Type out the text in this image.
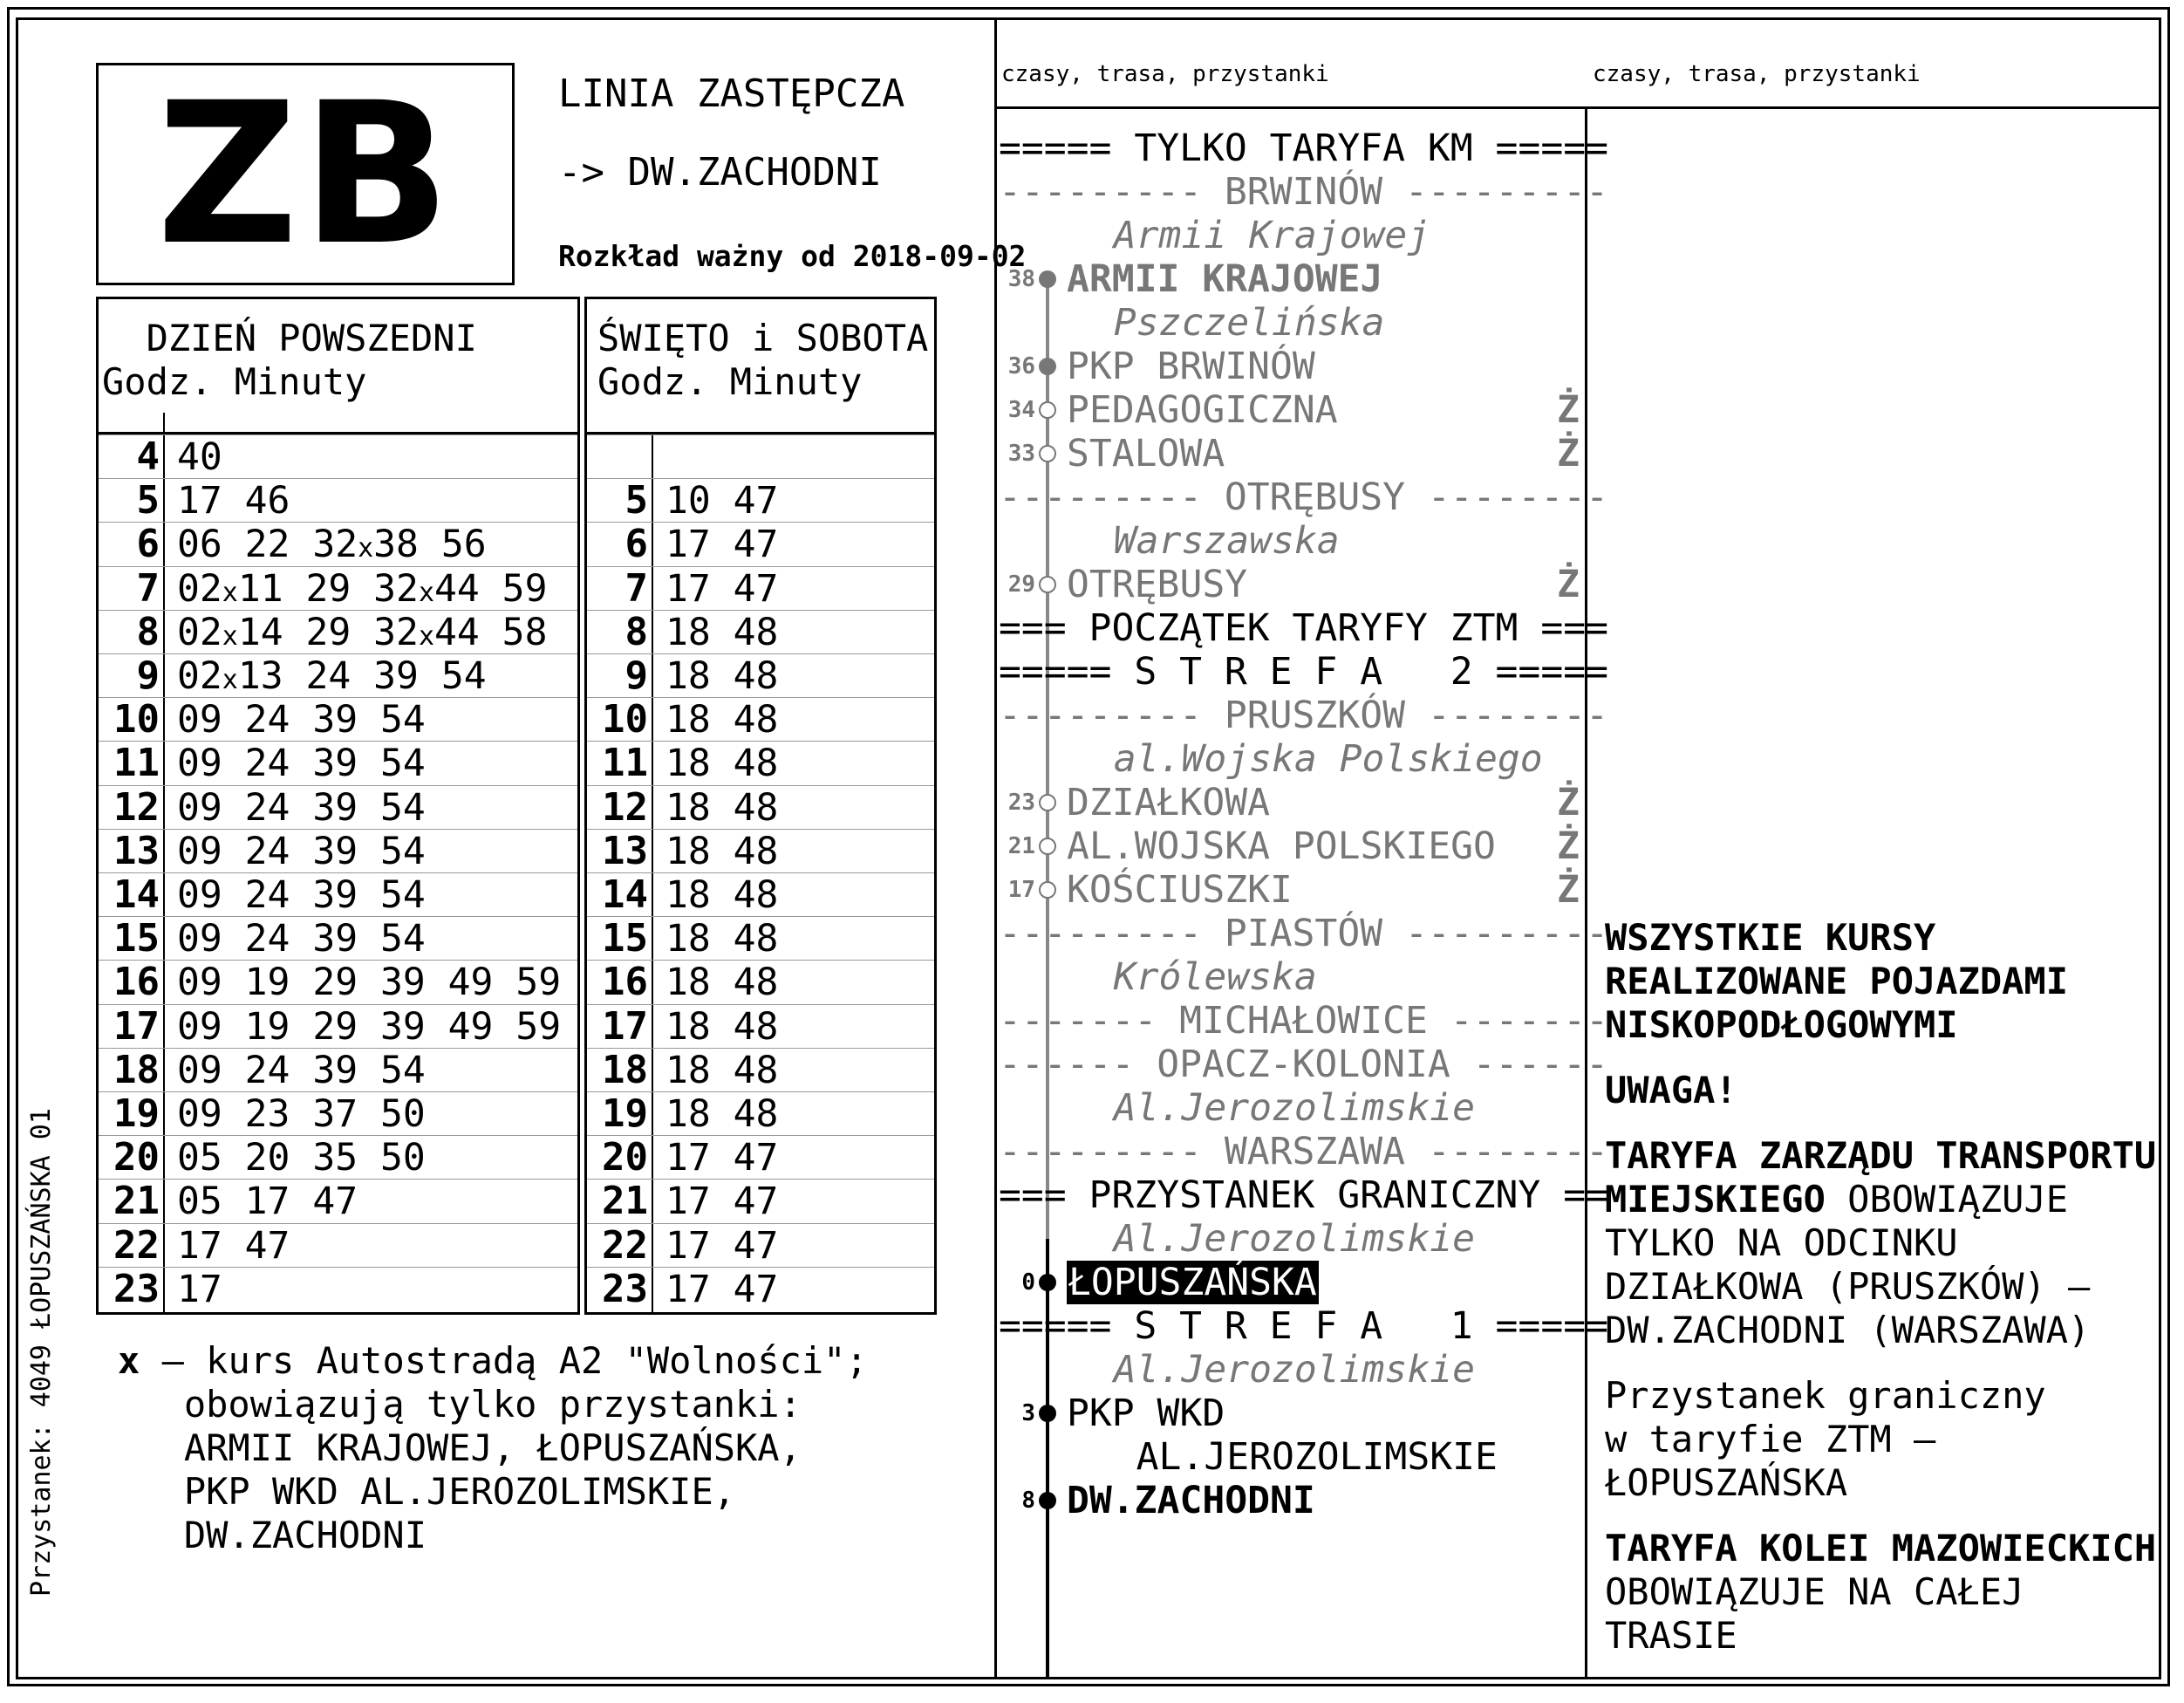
ZB	LINIA ZASTĘPCZA
-> DW.ZACHODNI
Rozkład ważny od 2018-09-02
DZIEŃ POWSZEDNI
Godz. Minuty
4 40
5 17 46
6 06 22 32x38 56
7 02x11 29 32x44 59
8 02x14 29 32x44 58
9 02x13 24 39 54
10 09 24 39 54
11 09 24 39 54
12 09 24 39 54
13 09 24 39 54
14 09 24 39 54
15 09 24 39 54
16 09 19 29 39 49 59
17 09 19 29 39 49 59
18 09 24 39 54
19 09 23 37 50
20 05 20 35 50
21 05 17 47
22 17 47
23 17
ŚWIĘTO i SOBOTA
Godz. Minuty
5 10 47
6 17 47
7 17 47
8 18 48
9 18 48
10 18 48
11 18 48
12 18 48
13 18 48
14 18 48
15 18 48
16 18 48
17 18 48
18 18 48
19 18 48
20 17 47
21 17 47
22 17 47
23 17 47
x – kurs Autostradą A2 "Wolności";
obowiązują tylko przystanki:
ARMII KRAJOWEJ, ŁOPUSZAŃSKA,
PKP WKD AL.JEROZOLIMSKIE,
DW.ZACHODNI
Przystanek: 4049 ŁOPUSZAŃSKA 01
czasy, trasa, przystanki	czasy, trasa, przystanki
===== TYLKO TARYFA KM =====
--------- BRWINÓW ---------
Armii Krajowej
38 ARMII KRAJOWEJ
Pszczelińska
36 PKP BRWINÓW
34 PEDAGOGICZNA	Ż
33 STALOWA	Ż
--------- OTRĘBUSY --------
Warszawska
29 OTRĘBUSY	Ż
=== POCZĄTEK TARYFY ZTM ===
===== S T R E F A   2 =====
--------- PRUSZKÓW --------
al.Wojska Polskiego
23 DZIAŁKOWA	Ż
21 AL.WOJSKA POLSKIEGO Ż
17 KOŚCIUSZKI	Ż
--------- PIASTÓW ---------
Królewska
------- MICHAŁOWICE -------
------ OPACZ-KOLONIA ------
Al.Jerozolimskie
--------- WARSZAWA --------
=== PRZYSTANEK GRANICZNY ==
Al.Jerozolimskie
0 ŁOPUSZAŃSKA
===== S T R E F A   1 =====
Al.Jerozolimskie
3 PKP WKD
AL.JEROZOLIMSKIE
8 DW.ZACHODNI
WSZYSTKIE KURSY
REALIZOWANE POJAZDAMI
NISKOPODŁOGOWYMI
UWAGA!
TARYFA ZARZĄDU TRANSPORTU
MIEJSKIEGO OBOWIĄZUJE
TYLKO NA ODCINKU
DZIAŁKOWA (PRUSZKÓW) –
DW.ZACHODNI (WARSZAWA)
Przystanek graniczny
w taryfie ZTM –
ŁOPUSZAŃSKA
TARYFA KOLEI MAZOWIECKICH
OBOWIĄZUJE NA CAŁEJ
TRASIE
